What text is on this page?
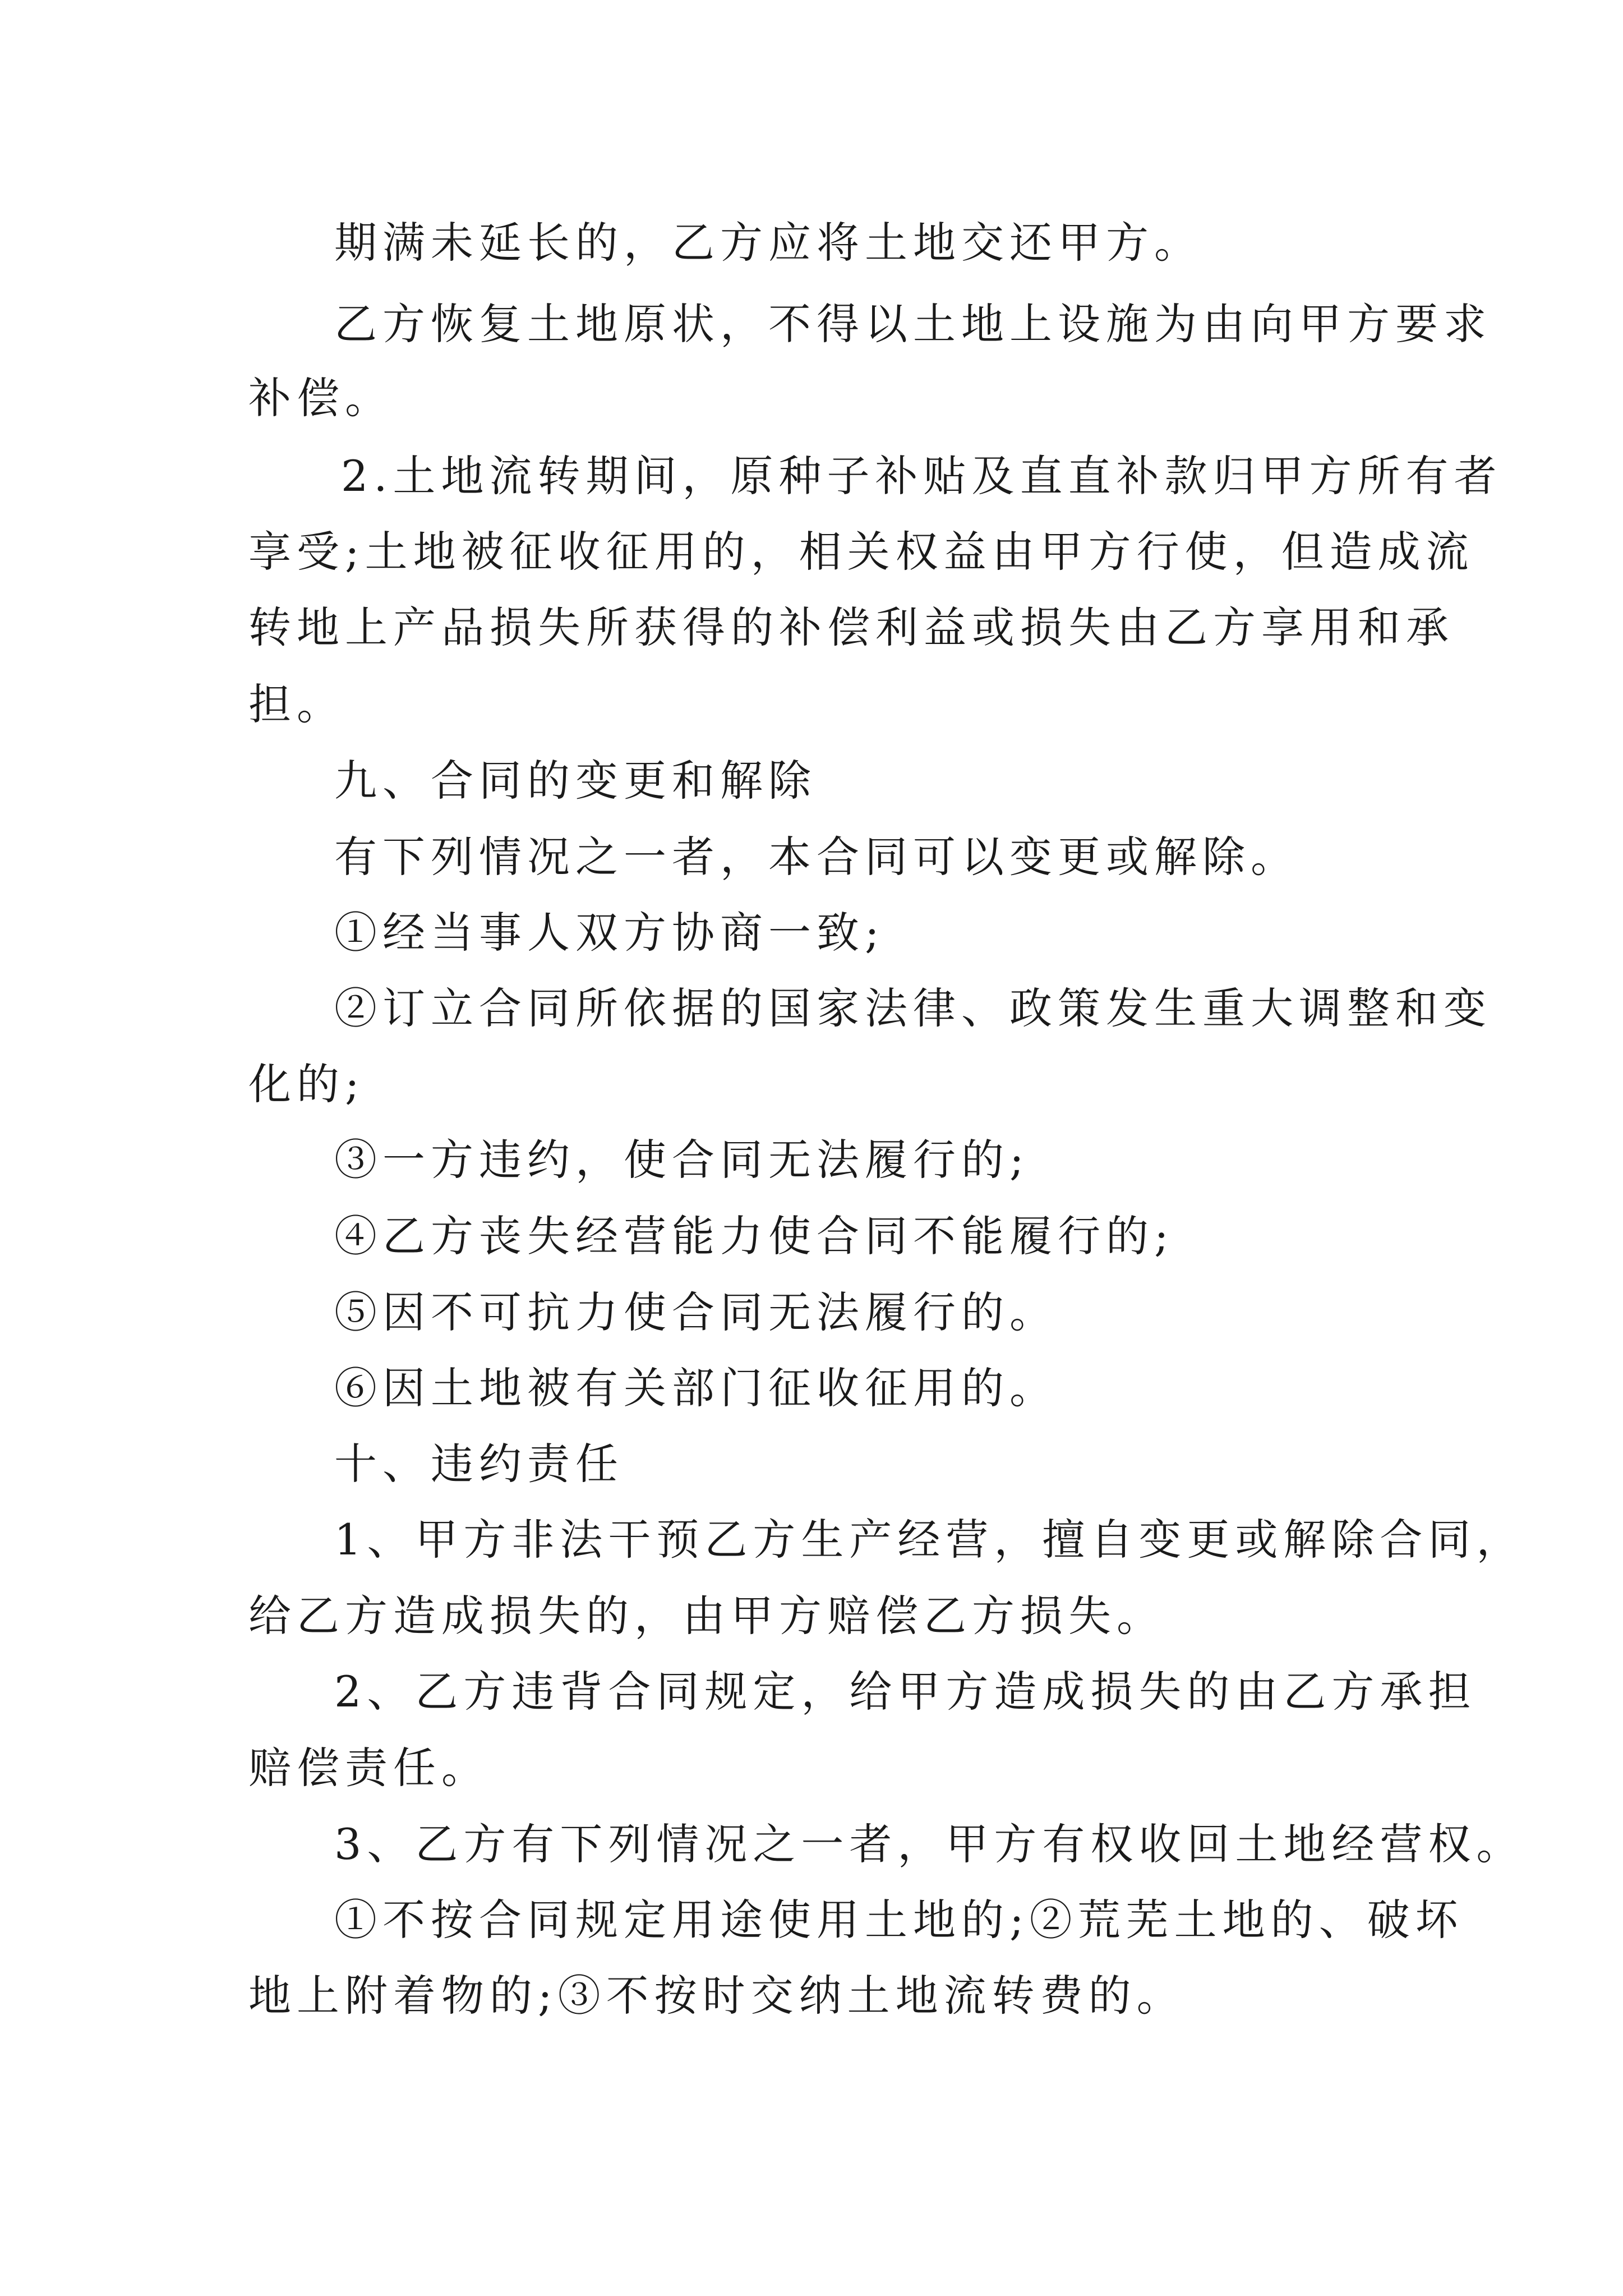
期满未延长的，乙方应将土地交还甲方。

乙方恢复土地原状，不得以土地上设施为由向甲方要求

补偿。

2.土地流转期间，原种子补贴及直直补款归甲方所有者

享受;土地被征收征用的，相关权益由甲方行使，但造成流

转地上产品损失所获得的补偿利益或损失由乙方享用和承

担。

九、合同的变更和解除

有下列情况之一者，本合同可以变更或解除。

①经当事人双方协商一致;

②订立合同所依据的国家法律、政策发生重大调整和变

化的;

③一方违约，使合同无法履行的;

④乙方丧失经营能力使合同不能履行的;

⑤因不可抗力使合同无法履行的。

⑥因土地被有关部门征收征用的。

十、违约责任

1、甲方非法干预乙方生产经营，擅自变更或解除合同，

给乙方造成损失的，由甲方赔偿乙方损失。

2、乙方违背合同规定，给甲方造成损失的由乙方承担

赔偿责任。

3、乙方有下列情况之一者，甲方有权收回土地经营权。

①不按合同规定用途使用土地的;②荒芜土地的、破坏

地上附着物的;③不按时交纳土地流转费的。
